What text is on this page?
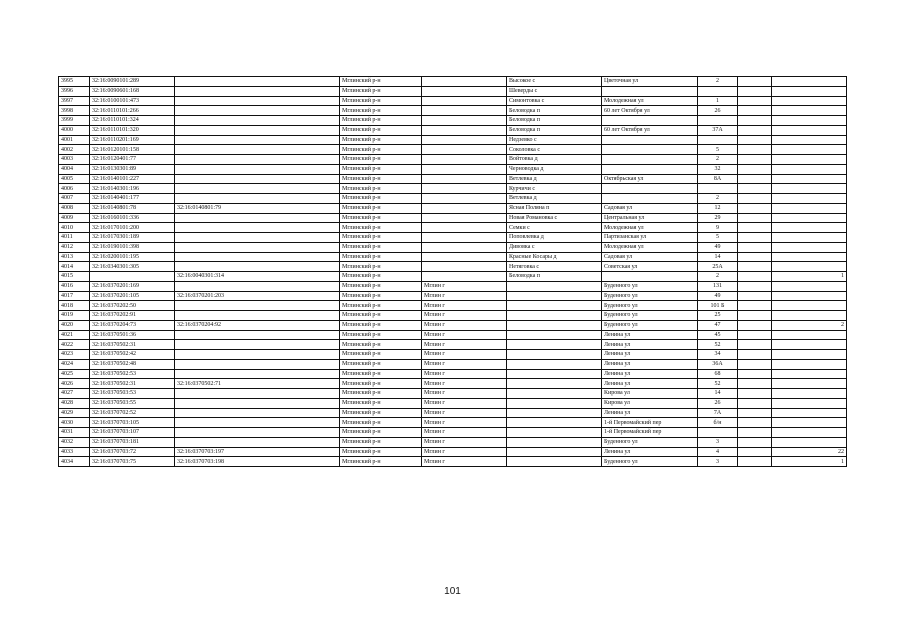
3995	32:16:0090101:289		Мглинский р-н		Высокое с	Цветочная ул	2		
3996	32:16:0090601:168		Мглинский р-н		Шеверды с				
3997	32:16:0100101:473		Мглинский р-н		Симонтовка с	Молодежная ул	1		
3998	32:16:0110101:266		Мглинский р-н		Беловодка п	60 лет Октября ул	26		
3999	32:16:0110101:324		Мглинский р-н		Беловодка п				
4000	32:16:0110101:320		Мглинский р-н		Беловодка п	60 лет Октября ул	37А		
4001	32:16:0110201:169		Мглинский р-н		Недзевко с				
4002	32:16:0120101:158		Мглинский р-н		Соколовка с		5		
4003	32:16:0120401:77		Мглинский р-н		Войтовка д		2		
4004	32:16:0130301:89		Мглинский р-н		Черноводка д		32		
4005	32:16:0140101:227		Мглинский р-н		Ветлевка д	Октябрьская ул	8А		
4006	32:16:0140301:196		Мглинский р-н		Курчичи с				
4007	32:16:0140401:177		Мглинский р-н		Ветлевка д		2		
4008	32:16:0140801:78	32:16:0140801:79	Мглинский р-н		Ясная Поляна п	Садовая ул	12		
4009	32:16:0160101:336		Мглинский р-н		Новая Романовка с	Центральная ул	29		
4010	32:16:0170101:200		Мглинский р-н		Семки с	Молодежная ул	9		
4011	32:16:0170301:189		Мглинский р-н		Поповлевка д	Партизанская ул	5		
4012	32:16:0190101:398		Мглинский р-н		Дивовка с	Молодежная ул	49		
4013	32:16:0200101:195		Мглинский р-н		Красные Косары д	Садовая ул	14		
4014	32:16:0340301:305		Мглинский р-н		Нетяговка с	Советская ул	25А		
4015		32:16:0040301:314	Мглинский р-н		Беловодка п		2		1
4016	32:16:0370201:169		Мглинский р-н	Мглин г		Буденного ул	131		
4017	32:16:0370201:105	32:16:0370201:203	Мглинский р-н	Мглин г		Буденного ул	49		
4018	32:16:0370202:50		Мглинский р-н	Мглин г		Буденного ул	101 Б		
4019	32:16:0370202:91		Мглинский р-н	Мглин г		Буденного ул	25		
4020	32:16:0370204:73	32:16:0370204:92	Мглинский р-н	Мглин г		Буденного ул	47		2
4021	32:16:0370501:36		Мглинский р-н	Мглин г		Ленина ул	45		
4022	32:16:0370502:31		Мглинский р-н	Мглин г		Ленина ул	52		
4023	32:16:0370502:42		Мглинский р-н	Мглин г		Ленина ул	34		
4024	32:16:0370502:48		Мглинский р-н	Мглин г		Ленина ул	36А		
4025	32:16:0370502:53		Мглинский р-н	Мглин г		Ленина ул	68		
4026	32:16:0370502:31	32:16:0370502:71	Мглинский р-н	Мглин г		Ленина ул	52		
4027	32:16:0370503:53		Мглинский р-н	Мглин г		Кирова ул	14		
4028	32:16:0370503:55		Мглинский р-н	Мглин г		Кирова ул	26		
4029	32:16:0370702:52		Мглинский р-н	Мглин г		Ленина ул	7А		
4030	32:16:0370703:105		Мглинский р-н	Мглин г		1-й Первомайский пер	б/н		
4031	32:16:0370703:107		Мглинский р-н	Мглин г		1-й Первомайский пер			
4032	32:16:0370703:181		Мглинский р-н	Мглин г		Буденного ул	3		
4033	32:16:0370703:72	32:16:0370703:197	Мглинский р-н	Мглин г		Ленина ул	4		22
4034	32:16:0370703:75	32:16:0370703:198	Мглинский р-н	Мглин г		Буденного ул	3		1
101
